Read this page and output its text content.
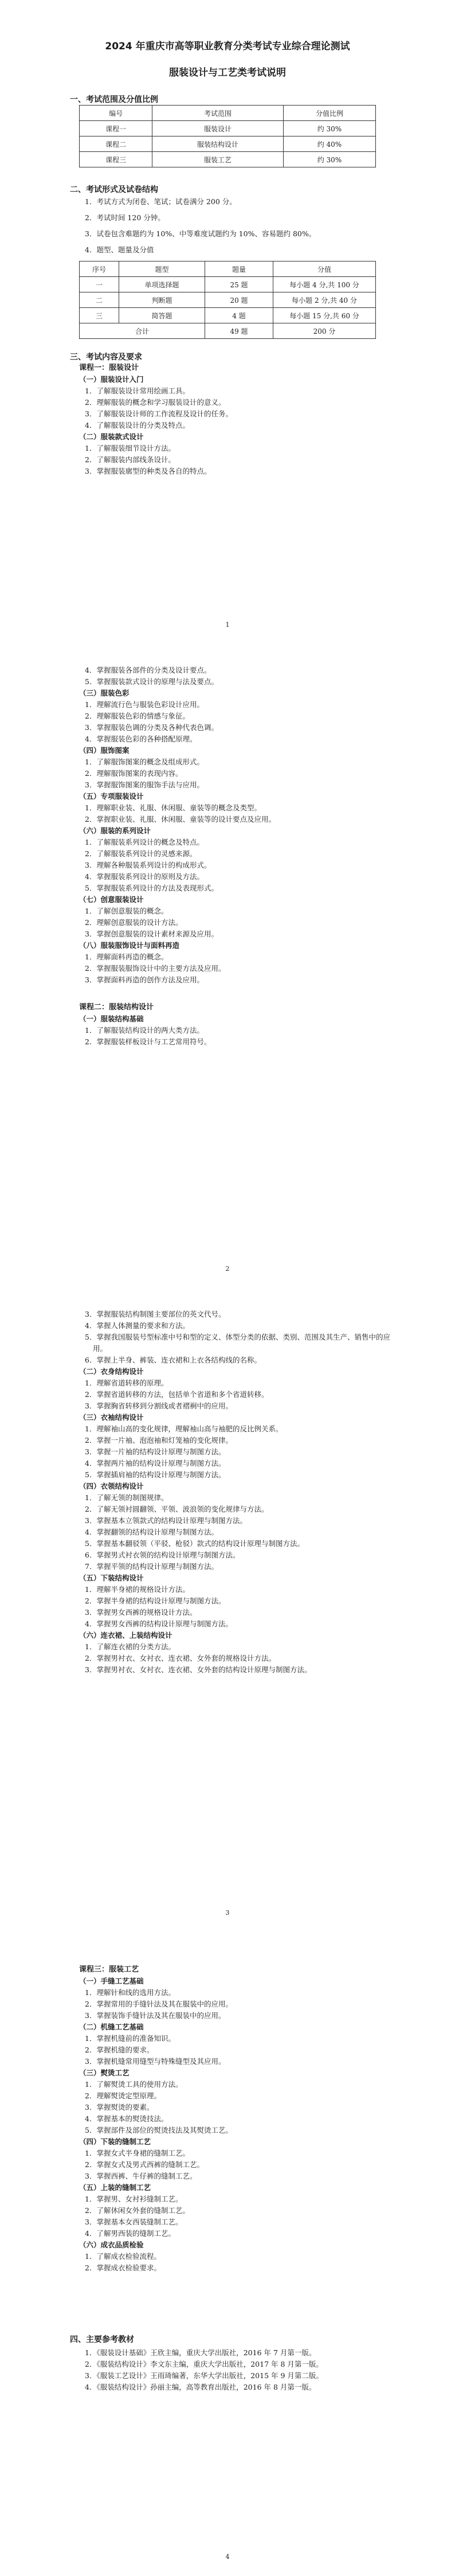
2024 年重庆市高等职业教育分类考试专业综合理论测试
服装设计与工艺类考试说明
一、考试范围及分值比例
编号	考试范围	分值比例
课程一	服装设计	约 30%
课程二	服装结构设计	约 40%
课程三	服装工艺	约 30%
二、考试形式及试卷结构

1．考试方式为闭卷、笔试；试卷满分 200 分。

2．考试时间 120 分钟。

3．试卷包含难题约为 10%、中等难度试题约为 10%、容易题约 80%。

4．题型、题量及分值

序号	题型	题量	分值
一	单项选择题	25 题	每小题 4 分,共 100 分
二	判断题	20 题	每小题 2 分,共 40 分
三	简答题	4 题	每小题 15 分,共 60 分
合计		49 题	200 分
三、考试内容及要求

课程一：服装设计

（一）服装设计入门

1．了解服装设计常用绘画工具。

2．理解服装的概念和学习服装设计的意义。

3．了解服装设计师的工作流程及设计的任务。

4．了解服装设计的分类及特点。

（二）服装款式设计

1．了解服装细节设计方法。

2．了解服装内部线条设计。

3．掌握服装廓型的种类及各自的特点。

1

4．掌握服装各部件的分类及设计要点。

5．掌握服装款式设计的原理与法及要点。

（三）服装色彩

1．理解流行色与服装色彩设计应用。

2．理解服装色彩的情感与象征。

3．掌握服装色调的分类及各种代表色调。

4．掌握服装色彩的各种搭配原理。

（四）服饰图案

1．了解服饰图案的概念及组成形式。

2．理解服饰图案的表现内容。

3．掌握服饰图案的服饰手法与应用。

（五）专项服装设计

1．理解职业装、礼服、休闲服、童装等的概念及类型。

2．掌握职业装、礼服、休闲服、童装等的设计要点及应用。

（六）服装的系列设计

1．了解服装系列设计的概念及特点。

2．了解服装系列设计的灵感来源。

3．理解各种服装系列设计的构成形式。

4．掌握服装系列设计的原则及方法。

5．掌握服装系列设计的方法及表现形式。

（七）创意服装设计

1．了解创意服装的概念。

2．理解创意服装的设计方法。

3．掌握创意服装的设计素材来源及应用。

（八）服装服饰设计与面料再造

1．理解面料再造的概念。

2．掌握服装服饰设计中的主要方法及应用。

3．掌握面料再造的创作方法及应用。

课程二：服装结构设计

（一）服装结构基础

1．了解服装结构设计的两大类方法。

2．掌握服装样板设计与工艺常用符号。

2

3．掌握服装结构制图主要部位的英文代号。

4．掌握人体测量的要求和方法。

5．掌握我国服装号型标准中号和型的定义、体型分类的依据、类别、范围及其生产、销售中的应用。

6．掌握上半身、裤装、连衣裙和上衣各结构线的名称。

（二）衣身结构设计

1．理解省道转移的原理。

2．掌握省道转移的方法，包括单个省道和多个省道转移。

3．掌握胸省转移到分割线或者褶裥中的应用。

（三）衣袖结构设计

1．理解袖山高的变化规律，理解袖山高与袖肥的反比例关系。

2．掌握一片袖、泡泡袖和灯笼袖的变化规律。

3．掌握一片袖的结构设计原理与制图方法。

4．掌握两片袖的结构设计原理与制图方法。

5．掌握插肩袖的结构设计原理与制图方法。

（四）衣领结构设计

1．了解无领的制图规律。

2．了解无领衬圆翻领、平领、波浪领的变化规律与方法。

3．掌握基本立领款式的结构设计原理与制图方法。

4．掌握翻领的结构设计原理与制图方法。

5．掌握基本翻驳领（平驳、枪驳）款式的结构设计原理与制图方法。

6．掌握男式衬衣领的结构设计原理与制图方法。

7．掌握平领的结构设计原理与制图方法。

（五）下装结构设计

1．理解半身裙的规格设计方法。

2．掌握半身裙的结构设计原理与制图方法。

3．掌握男女西裤的规格设计方法。

4．掌握男女西裤的结构设计原理与制图方法。

（六）连衣裙、上装结构设计

1．了解连衣裙的分类方法。

2．掌握男衬衣、女衬衣、连衣裙、女外套的规格设计方法。

3．掌握男衬衣、女衬衣、连衣裙、女外套的结构设计原理与制图方法。

3

课程三：服装工艺

（一）手缝工艺基础

1．理解针和线的选用方法。

2．掌握常用的手缝针法及其在服装中的应用。

3．掌握装饰手缝针法及其在服装中的应用。

（二）机缝工艺基础

1．掌握机缝前的准备知识。

2．掌握机缝的要求。

3．掌握机缝常用缝型与特殊缝型及其应用。

（三）熨烫工艺

1．了解熨烫工具的使用方法。

2．理解熨烫定型原理。

3．掌握熨烫的要素。

4．掌握基本的熨烫技法。

5．掌握部件及部位的熨烫技法及其熨烫工艺。

（四）下装的缝制工艺

1．掌握女式半身裙的缝制工艺。

2．掌握女式及男式西裤的缝制工艺。

3．掌握西裤、牛仔裤的缝制工艺。

（五）上装的缝制工艺

1．掌握男、女衬衫缝制工艺。

2．了解休闲女外套的缝制工艺。

3．掌握基本女西装缝制工艺。

4．了解男西装的缝制工艺。

（六）成衣品质检验

1．了解成衣检验流程。

2．掌握成衣检验要求。

四、主要参考教材

1．《服装设计基础》王欣主编，重庆大学出版社，2016 年 7 月第一版。

2．《服装结构设计》李文东主编，重庆大学出版社，2017 年 8 月第一版。

3．《服装工艺设计》王雨琦编著，东华大学出版社，2015 年 9 月第二版。

4．《服装结构设计》孙丽主编，高等教育出版社，2016 年 8 月第一版。

4
